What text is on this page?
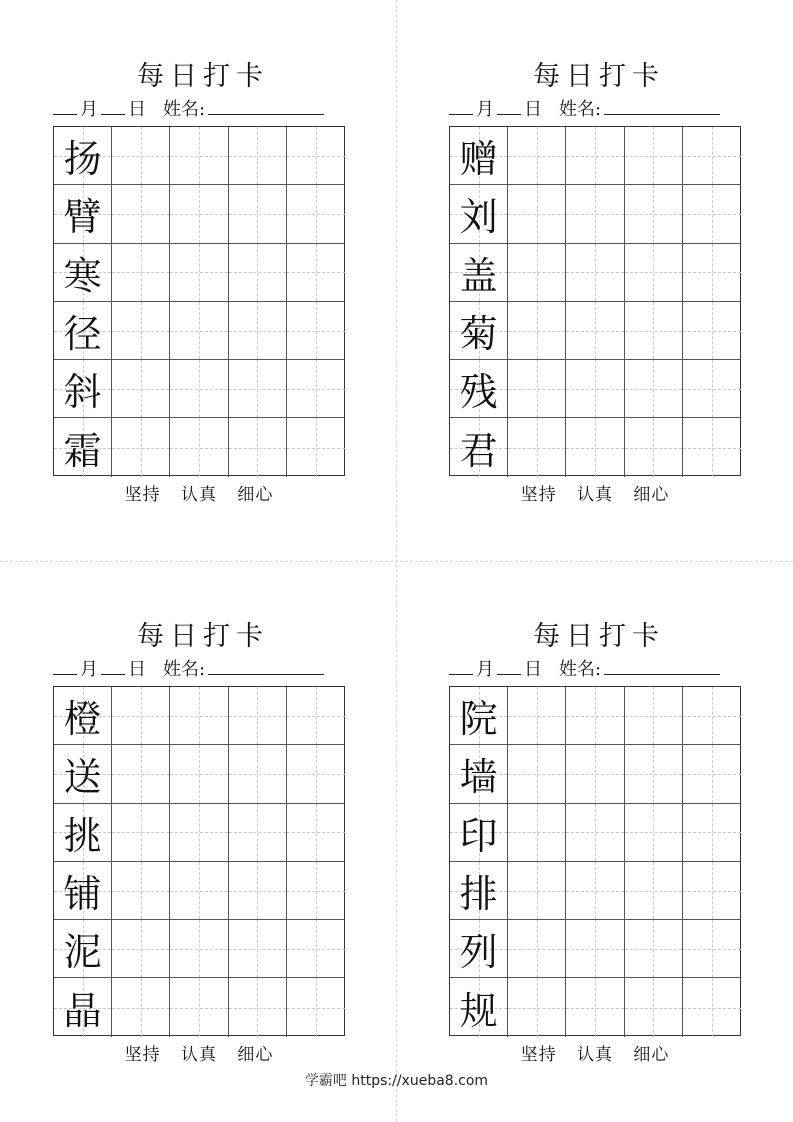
每日打卡
月 日 姓名:
扬
臂
寒
径
斜
霜
坚持 认真 细心
每日打卡
月 日 姓名:
赠
刘
盖
菊
残
君
坚持 认真 细心
每日打卡
月 日 姓名:
橙
送
挑
铺
泥
晶
坚持 认真 细心
每日打卡
月 日 姓名:
院
墙
印
排
列
规
坚持 认真 细心
学霸吧 https://xueba8.com
